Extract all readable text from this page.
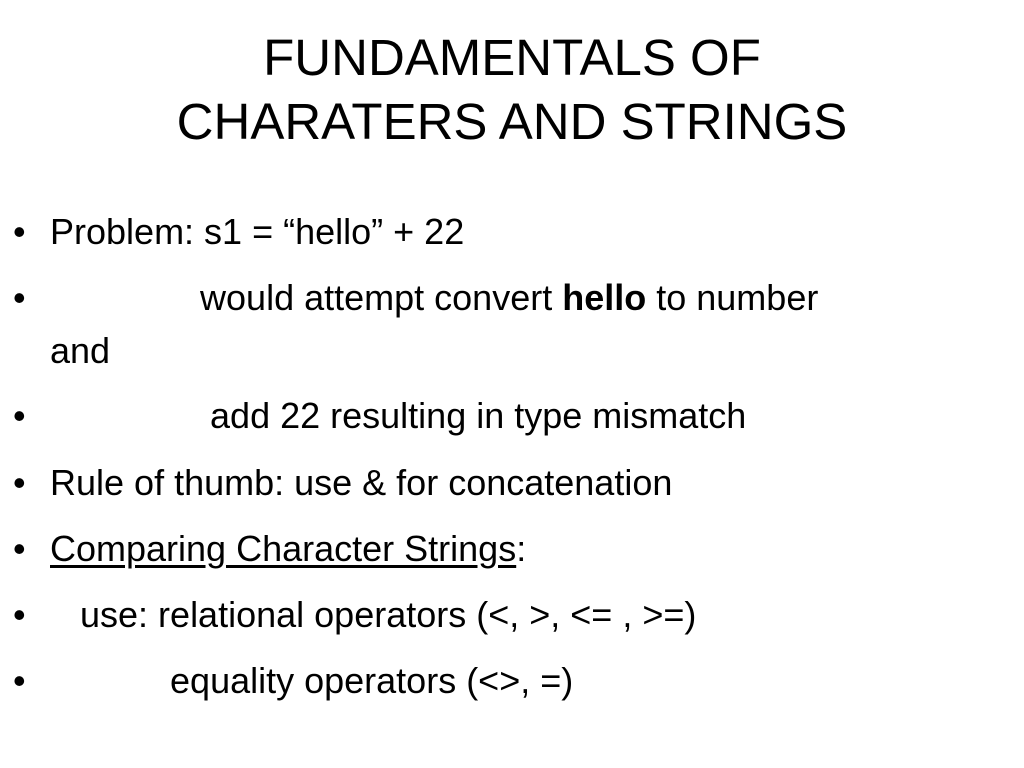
FUNDAMENTALS OF
CHARATERS AND STRINGS
• Problem: s1 = “hello” + 22
• would attempt convert hello to number
and
• add 22 resulting in type mismatch
• Rule of thumb: use & for concatenation
• Comparing Character Strings:
• use: relational operators (<, >, <= , >=)
• equality operators (<>, =)
